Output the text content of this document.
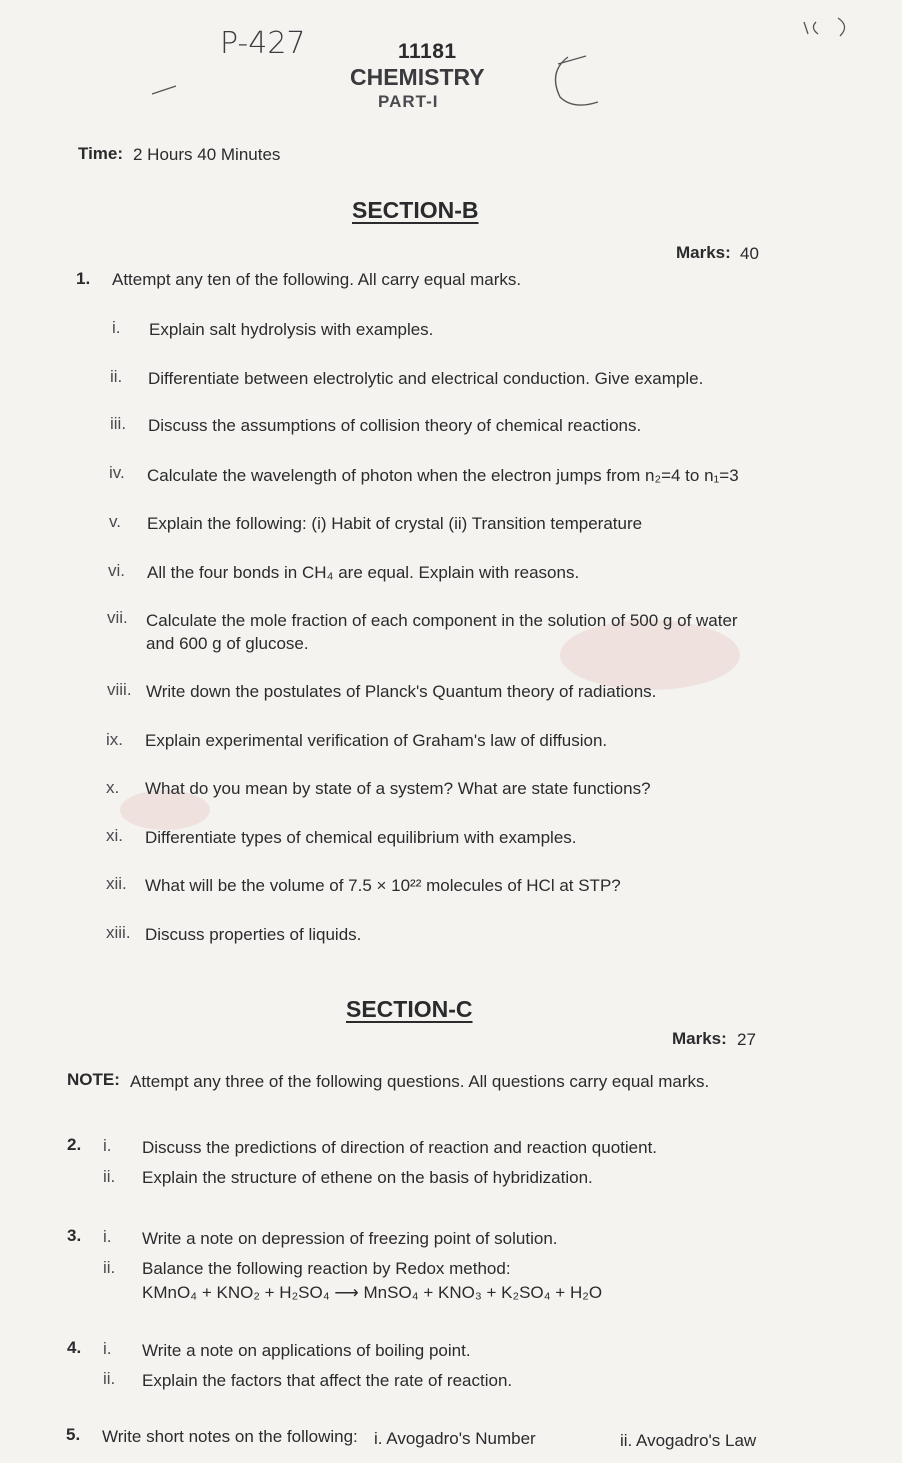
P-427	11181
CHEMISTRY
PART-I
Time: 2 Hours 40 Minutes
SECTION-B
Marks: 40
1. Attempt any ten of the following. All carry equal marks.
i. Explain salt hydrolysis with examples.
ii. Differentiate between electrolytic and electrical conduction. Give example.
iii. Discuss the assumptions of collision theory of chemical reactions.
iv. Calculate the wavelength of photon when the electron jumps from n₂=4 to n₁=3
v. Explain the following: (i) Habit of crystal (ii) Transition temperature
vi. All the four bonds in CH₄ are equal. Explain with reasons.
vii. Calculate the mole fraction of each component in the solution of 500 g of water
and 600 g of glucose.
viii. Write down the postulates of Planck's Quantum theory of radiations.
ix. Explain experimental verification of Graham's law of diffusion.
x. What do you mean by state of a system? What are state functions?
xi. Differentiate types of chemical equilibrium with examples.
xii. What will be the volume of 7.5 × 10²² molecules of HCl at STP?
xiii. Discuss properties of liquids.
SECTION-C
Marks: 27
NOTE: Attempt any three of the following questions. All questions carry equal marks.
2. i. Discuss the predictions of direction of reaction and reaction quotient.
ii. Explain the structure of ethene on the basis of hybridization.
3. i. Write a note on depression of freezing point of solution.
ii. Balance the following reaction by Redox method:
KMnO₄ + KNO₂ + H₂SO₄ ⟶ MnSO₄ + KNO₃ + K₂SO₄ + H₂O
4. i. Write a note on applications of boiling point.
ii. Explain the factors that affect the rate of reaction.
5. Write short notes on the following: i. Avogadro's Number	ii. Avogadro's Law
